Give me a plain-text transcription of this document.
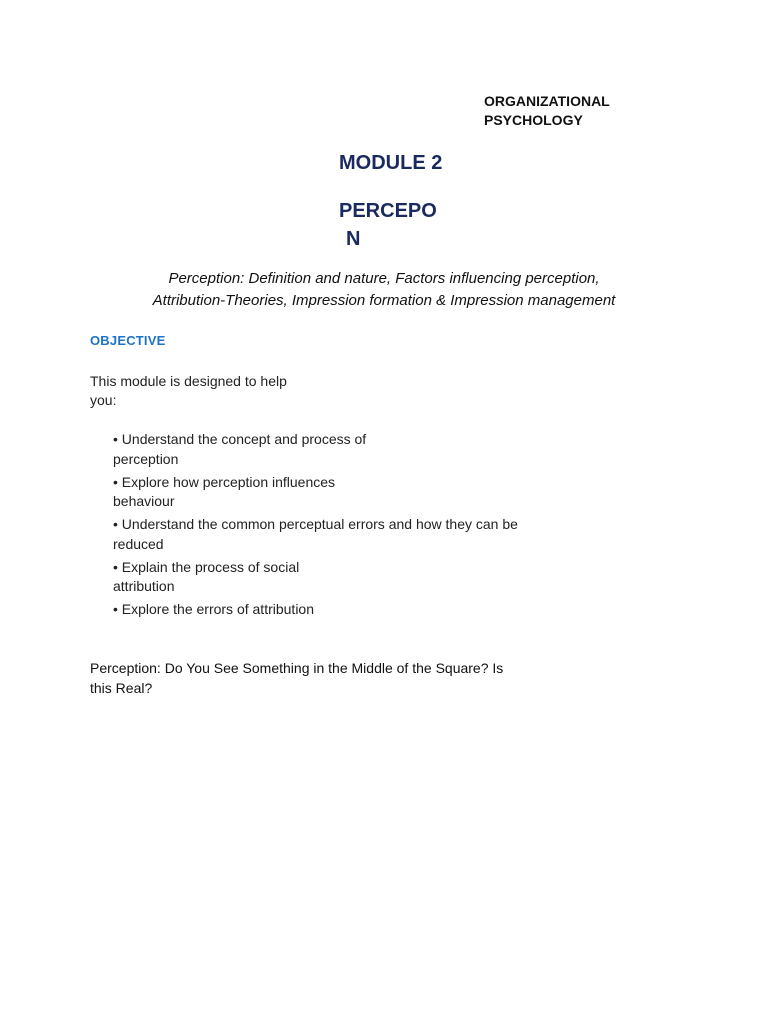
ORGANIZATIONAL
PSYCHOLOGY
MODULE 2
PERCEPO
N
Perception: Definition and nature, Factors influencing perception,
Attribution-Theories, Impression formation & Impression management
OBJECTIVE
This module is designed to help
you:
• Understand the concept and process of
perception
• Explore how perception influences
behaviour
• Understand the common perceptual errors and how they can be
reduced
• Explain the process of social
attribution
• Explore the errors of attribution
Perception: Do You See Something in the Middle of the Square? Is
this Real?
